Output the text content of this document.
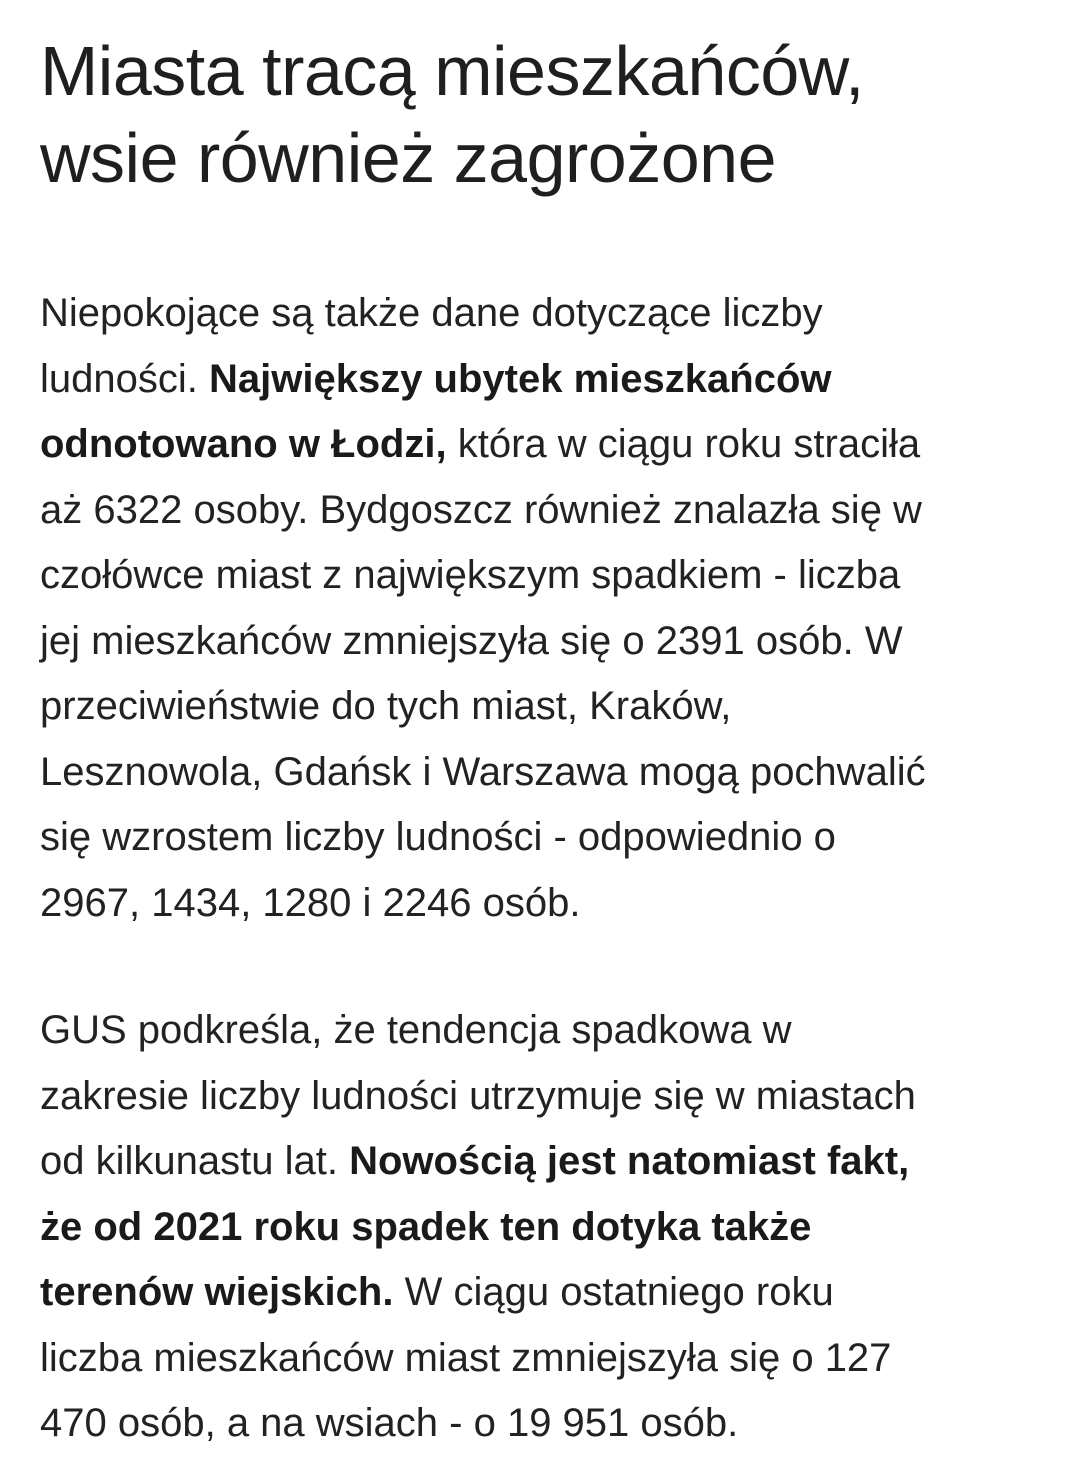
Miasta tracą mieszkańców,
wsie również zagrożone

Niepokojące są także dane dotyczące liczby
ludności. Największy ubytek mieszkańców
odnotowano w Łodzi, która w ciągu roku straciła
aż 6322 osoby. Bydgoszcz również znalazła się w
czołówce miast z największym spadkiem - liczba
jej mieszkańców zmniejszyła się o 2391 osób. W
przeciwieństwie do tych miast, Kraków,
Lesznowola, Gdańsk i Warszawa mogą pochwalić
się wzrostem liczby ludności - odpowiednio o
2967, 1434, 1280 i 2246 osób.

GUS podkreśla, że tendencja spadkowa w
zakresie liczby ludności utrzymuje się w miastach
od kilkunastu lat. Nowością jest natomiast fakt,
że od 2021 roku spadek ten dotyka także
terenów wiejskich. W ciągu ostatniego roku
liczba mieszkańców miast zmniejszyła się o 127
470 osób, a na wsiach - o 19 951 osób.
